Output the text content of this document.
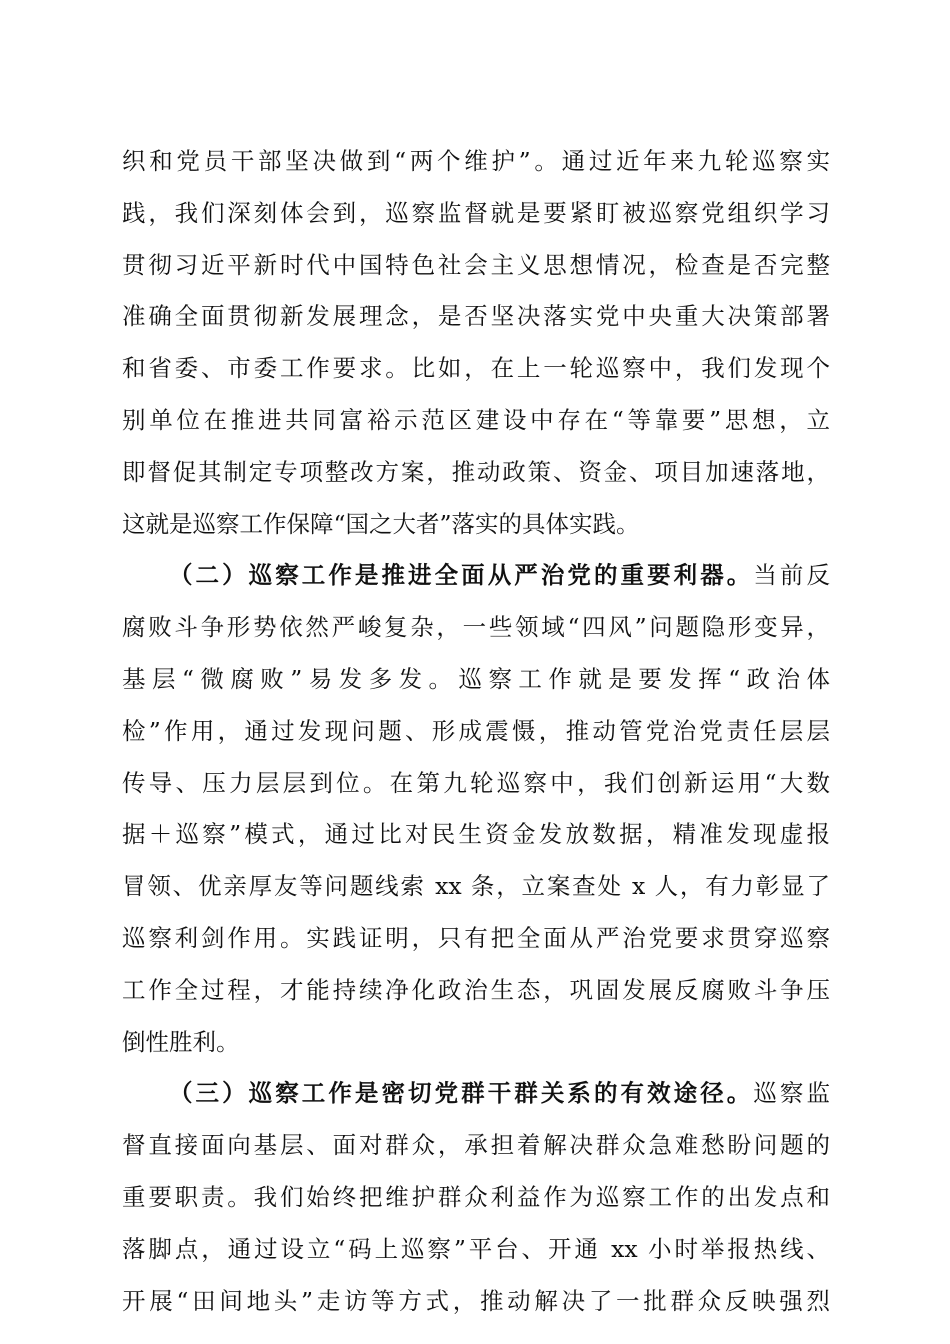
织和党员干部坚决做到“两个维护”。通过近年来九轮巡察实
践，我们深刻体会到，巡察监督就是要紧盯被巡察党组织学习
贯彻习近平新时代中国特色社会主义思想情况，检查是否完整
准确全面贯彻新发展理念，是否坚决落实党中央重大决策部署
和省委、市委工作要求。比如，在上一轮巡察中，我们发现个
别单位在推进共同富裕示范区建设中存在“等靠要”思想，立
即督促其制定专项整改方案，推动政策、资金、项目加速落地，
这就是巡察工作保障“国之大者”落实的具体实践。
（二）巡察工作是推进全面从严治党的重要利器。当前反
腐败斗争形势依然严峻复杂，一些领域“四风”问题隐形变异，
基层“微腐败”易发多发。巡察工作就是要发挥“政治体
检”作用，通过发现问题、形成震慑，推动管党治党责任层层
传导、压力层层到位。在第九轮巡察中，我们创新运用“大数
据＋巡察”模式，通过比对民生资金发放数据，精准发现虚报
冒领、优亲厚友等问题线索 xx 条，立案查处 x 人，有力彰显了
巡察利剑作用。实践证明，只有把全面从严治党要求贯穿巡察
工作全过程，才能持续净化政治生态，巩固发展反腐败斗争压
倒性胜利。
（三）巡察工作是密切党群干群关系的有效途径。巡察监
督直接面向基层、面对群众，承担着解决群众急难愁盼问题的
重要职责。我们始终把维护群众利益作为巡察工作的出发点和
落脚点，通过设立“码上巡察”平台、开通 xx 小时举报热线、
开展“田间地头”走访等方式，推动解决了一批群众反映强烈
